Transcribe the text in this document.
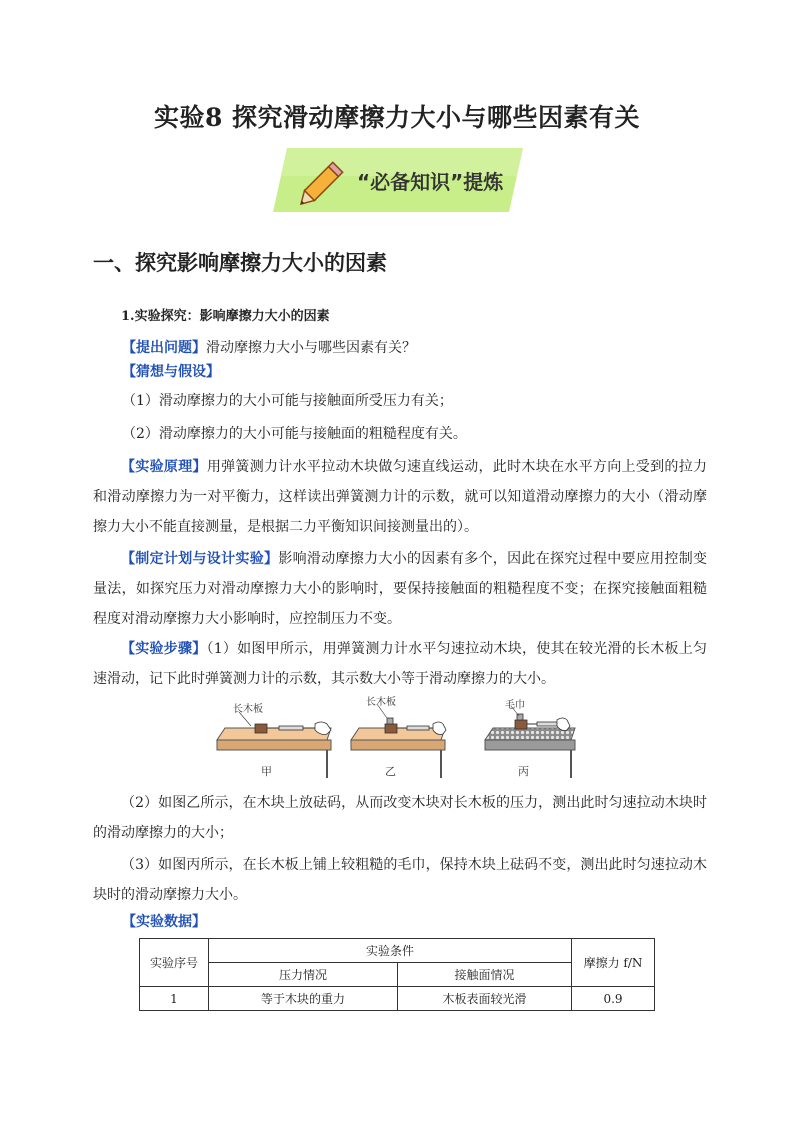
实验8 探究滑动摩擦力大小与哪些因素有关
“必备知识”提炼
一、探究影响摩擦力大小的因素
1.实验探究：影响摩擦力大小的因素
【提出问题】滑动摩擦力大小与哪些因素有关？
【猜想与假设】
（1）滑动摩擦力的大小可能与接触面所受压力有关；
（2）滑动摩擦力的大小可能与接触面的粗糙程度有关。
【实验原理】用弹簧测力计水平拉动木块做匀速直线运动，此时木块在水平方向上受到的拉力和滑动摩擦力为一对平衡力，这样读出弹簧测力计的示数，就可以知道滑动摩擦力的大小（滑动摩擦力大小不能直接测量，是根据二力平衡知识间接测量出的）。
【制定计划与设计实验】影响滑动摩擦力大小的因素有多个，因此在探究过程中要应用控制变量法，如探究压力对滑动摩擦力大小的影响时，要保持接触面的粗糙程度不变；在探究接触面粗糙程度对滑动摩擦力大小影响时，应控制压力不变。
【实验步骤】（1）如图甲所示，用弹簧测力计水平匀速拉动木块，使其在较光滑的长木板上匀速滑动，记下此时弹簧测力计的示数，其示数大小等于滑动摩擦力的大小。
长木板
长木板	毛巾
甲	乙	丙
（2）如图乙所示，在木块上放砝码，从而改变木块对长木板的压力，测出此时匀速拉动木块时的滑动摩擦力的大小；
（3）如图丙所示，在长木板上铺上较粗糙的毛巾，保持木块上砝码不变，测出此时匀速拉动木块时的滑动摩擦力大小。
【实验数据】
实验序号	实验条件		摩擦力 f/N
	压力情况	接触面情况	
1	等于木块的重力	木板表面较光滑	0.9
